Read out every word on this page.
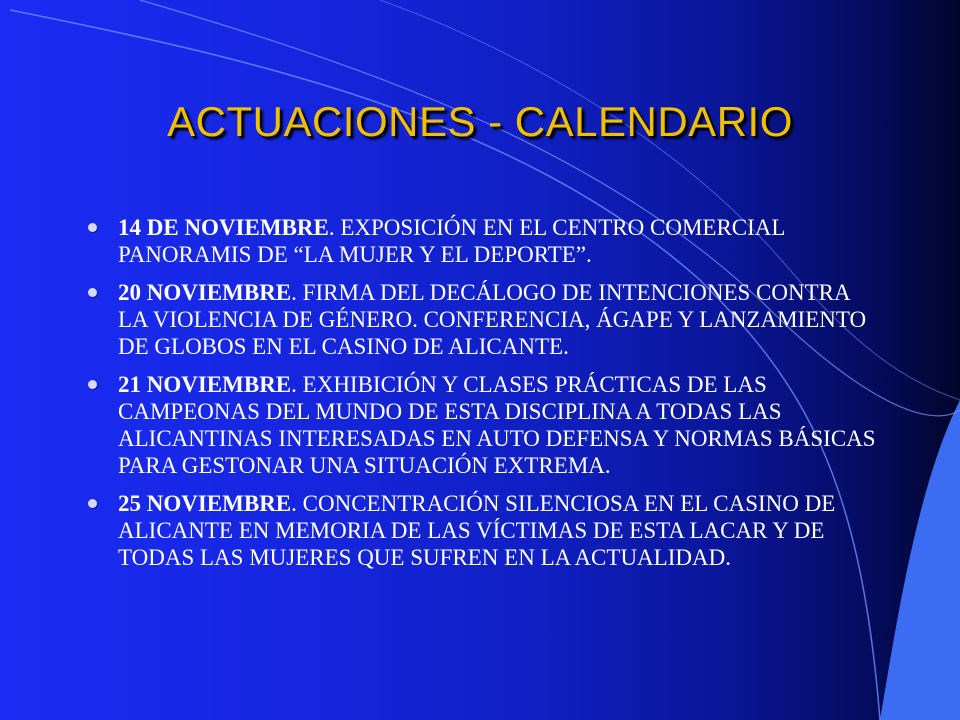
ACTUACIONES - CALENDARIO
14 DE NOVIEMBRE. EXPOSICIÓN EN EL CENTRO COMERCIAL PANORAMIS DE “LA MUJER Y EL DEPORTE”.
20 NOVIEMBRE. FIRMA DEL DECÁLOGO DE INTENCIONES CONTRA LA VIOLENCIA DE GÉNERO. CONFERENCIA, ÁGAPE Y LANZAMIENTO DE GLOBOS EN EL CASINO DE ALICANTE.
21 NOVIEMBRE. EXHIBICIÓN Y CLASES PRÁCTICAS DE LAS CAMPEONAS DEL MUNDO DE ESTA DISCIPLINA A TODAS LAS ALICANTINAS INTERESADAS EN AUTO DEFENSA Y NORMAS BÁSICAS PARA GESTONAR UNA SITUACIÓN EXTREMA.
25 NOVIEMBRE. CONCENTRACIÓN SILENCIOSA EN EL CASINO DE ALICANTE EN MEMORIA DE LAS VÍCTIMAS DE ESTA LACAR Y DE TODAS LAS MUJERES QUE SUFREN EN LA ACTUALIDAD.
